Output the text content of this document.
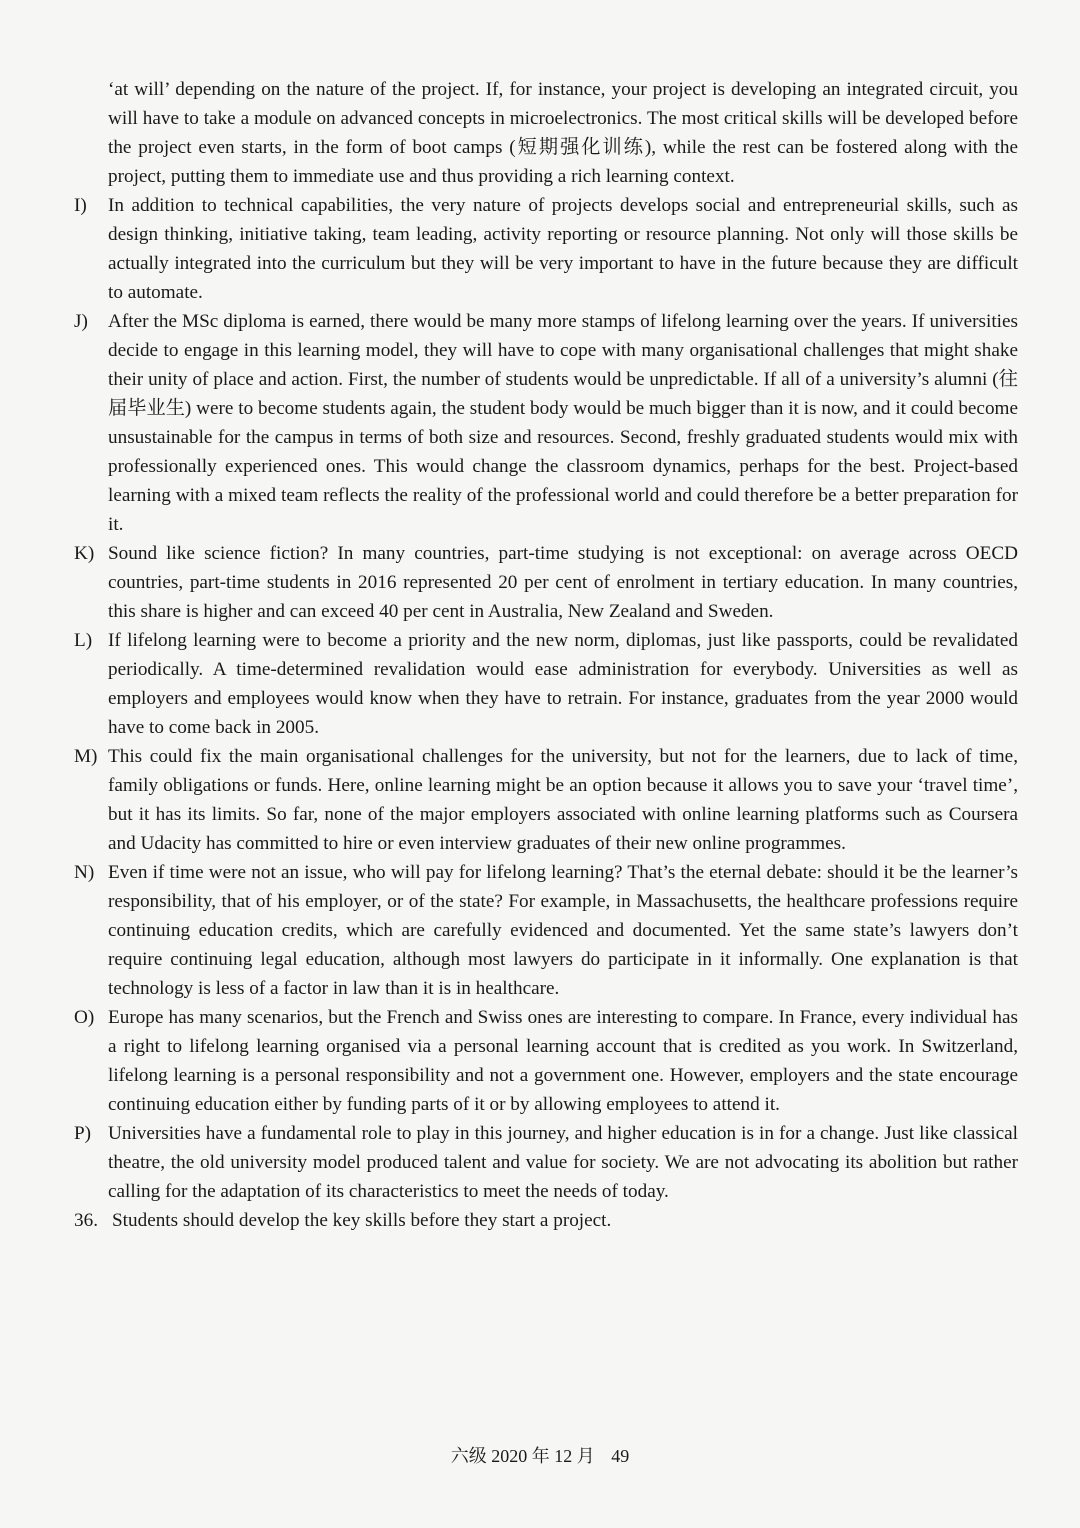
‘at will’ depending on the nature of the project. If, for instance, your project is developing an integrated circuit, you will have to take a module on advanced concepts in microelectronics. The most critical skills will be developed before the project even starts, in the form of boot camps (短期强化训练), while the rest can be fostered along with the project, putting them to immediate use and thus providing a rich learning context.
I)	In addition to technical capabilities, the very nature of projects develops social and entrepreneurial skills, such as design thinking, initiative taking, team leading, activity reporting or resource planning. Not only will those skills be actually integrated into the curriculum but they will be very important to have in the future because they are difficult to automate.
J)	After the MSc diploma is earned, there would be many more stamps of lifelong learning over the years. If universities decide to engage in this learning model, they will have to cope with many organisational challenges that might shake their unity of place and action. First, the number of students would be unpredictable. If all of a university’s alumni (往届毕业生) were to become students again, the student body would be much bigger than it is now, and it could become unsustainable for the campus in terms of both size and resources. Second, freshly graduated students would mix with professionally experienced ones. This would change the classroom dynamics, perhaps for the best. Project-based learning with a mixed team reflects the reality of the professional world and could therefore be a better preparation for it.
K) Sound like science fiction? In many countries, part-time studying is not exceptional: on average across OECD countries, part-time students in 2016 represented 20 per cent of enrolment in tertiary education. In many countries, this share is higher and can exceed 40 per cent in Australia, New Zealand and Sweden.
L) If lifelong learning were to become a priority and the new norm, diplomas, just like passports, could be revalidated periodically. A time-determined revalidation would ease administration for everybody. Universities as well as employers and employees would know when they have to retrain. For instance, graduates from the year 2000 would have to come back in 2005.
M) This could fix the main organisational challenges for the university, but not for the learners, due to lack of time, family obligations or funds. Here, online learning might be an option because it allows you to save your ‘travel time’, but it has its limits. So far, none of the major employers associated with online learning platforms such as Coursera and Udacity has committed to hire or even interview graduates of their new online programmes.
N) Even if time were not an issue, who will pay for lifelong learning? That’s the eternal debate: should it be the learner’s responsibility, that of his employer, or of the state? For example, in Massachusetts, the healthcare professions require continuing education credits, which are carefully evidenced and documented. Yet the same state’s lawyers don’t require continuing legal education, although most lawyers do participate in it informally. One explanation is that technology is less of a factor in law than it is in healthcare.
O) Europe has many scenarios, but the French and Swiss ones are interesting to compare. In France, every individual has a right to lifelong learning organised via a personal learning account that is credited as you work. In Switzerland, lifelong learning is a personal responsibility and not a government one. However, employers and the state encourage continuing education either by funding parts of it or by allowing employees to attend it.
P) Universities have a fundamental role to play in this journey, and higher education is in for a change. Just like classical theatre, the old university model produced talent and value for society. We are not advocating its abolition but rather calling for the adaptation of its characteristics to meet the needs of today.
36. Students should develop the key skills before they start a project.
六级 2020 年 12 月 49
